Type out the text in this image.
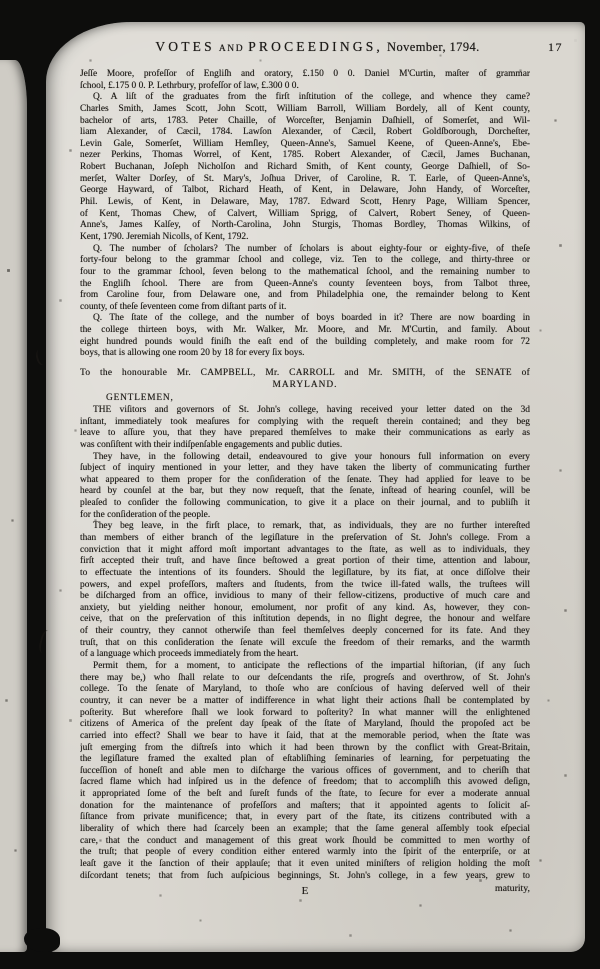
VOTES AND PROCEEDINGS, November, 1794.	17
Jeſſe Moore, profeſſor of Engliſh and oratory, £.150 0 0. Daniel M'Curtin, maſter of grammar
ſchool, £.175 0 0. P. Lethrbury, profeſſor of law, £.300 0 0.
Q. A liſt of the graduates from the firſt inſtitution of the college, and whence they came?
Charles Smith, James Scott, John Scott, William Barroll, William Bordely, all of Kent county,
bachelor of arts, 1783. Peter Chaille, of Worceſter, Benjamin Daſhiell, of Somerſet, and Wil-
liam Alexander, of Cæcil, 1784. Lawſon Alexander, of Cæcil, Robert Goldſborough, Dorcheſter,
Levin Gale, Somerſet, William Hemſley, Queen-Anne's, Samuel Keene, of Queen-Anne's, Ebe-
nezer Perkins, Thomas Worrel, of Kent, 1785. Robert Alexander, of Cæcil, James Buchanan,
Robert Buchanan, Joſeph Nicholſon and Richard Smith, of Kent county, George Daſhiell, of So-
merſet, Walter Dorſey, of St. Mary's, Joſhua Driver, of Caroline, R. T. Earle, of Queen-Anne's,
George Hayward, of Talbot, Richard Heath, of Kent, in Delaware, John Handy, of Worceſter,
Phil. Lewis, of Kent, in Delaware, May, 1787. Edward Scott, Henry Page, William Spencer,
of Kent, Thomas Chew, of Calvert, William Sprigg, of Calvert, Robert Seney, of Queen-
Anne's, James Kalſey, of North-Carolina, John Sturgis, Thomas Bordley, Thomas Wilkins, of
Kent, 1790. Jeremiah Nicolls, of Kent, 1792.
Q. The number of ſcholars? The number of ſcholars is about eighty-four or eighty-five, of theſe
forty-four belong to the grammar ſchool and college, viz. Ten to the college, and thirty-three or
four to the grammar ſchool, ſeven belong to the mathematical ſchool, and the remaining number to
the Engliſh ſchool. There are from Queen-Anne's county ſeventeen boys, from Talbot three,
from Caroline four, from Delaware one, and from Philadelphia one, the remainder belong to Kent
county, of theſe ſeventeen come from diſtant parts of it.
Q. The ſtate of the college, and the number of boys boarded in it? There are now boarding in
the college thirteen boys, with Mr. Walker, Mr. Moore, and Mr. M'Curtin, and family. About
eight hundred pounds would finiſh the eaſt end of the building completely, and make room for 72
boys, that is allowing one room 20 by 18 for every ſix boys.
To the honourable Mr. CAMPBELL, Mr. CARROLL and Mr. SMITH, of the SENATE of
MARYLAND.
GENTLEMEN,
THE viſitors and governors of St. John's college, having received your letter dated on the 3d
inſtant, immediately took meaſures for complying with the requeſt therein contained; and they beg
leave to aſſure you, that they have prepared themſelves to make their communications as early as
was conſiſtent with their indiſpenſable engagements and public duties.
They have, in the following detail, endeavoured to give your honours full information on every
ſubject of inquiry mentioned in your letter, and they have taken the liberty of communicating further
what appeared to them proper for the conſideration of the ſenate. They had applied for leave to be
heard by counſel at the bar, but they now requeſt, that the ſenate, inſtead of hearing counſel, will be
pleaſed to conſider the following communication, to give it a place on their journal, and to publiſh it
for the conſideration of the people.
They beg leave, in the firſt place, to remark, that, as individuals, they are no further intereſted
than members of either branch of the legiſlature in the preſervation of St. John's college. From a
conviction that it might afford moſt important advantages to the ſtate, as well as to individuals, they
firſt accepted their truſt, and have ſince beſtowed a great portion of their time, attention and labour,
to effectuate the intentions of its founders. Should the legiſlature, by its fiat, at once diſſolve their
powers, and expel profeſſors, maſters and ſtudents, from the twice ill-fated walls, the truſtees will
be diſcharged from an office, invidious to many of their fellow-citizens, productive of much care and
anxiety, but yielding neither honour, emolument, nor profit of any kind. As, however, they con-
ceive, that on the preſervation of this inſtitution depends, in no ſlight degree, the honour and welfare
of their country, they cannot otherwiſe than feel themſelves deeply concerned for its fate. And they
truſt, that on this conſideration the ſenate will excuſe the freedom of their remarks, and the warmth
of a language which proceeds immediately from the heart.
Permit them, for a moment, to anticipate the reflections of the impartial hiſtorian, (if any ſuch
there may be,) who ſhall relate to our deſcendants the riſe, progreſs and overthrow, of St. John's
college. To the ſenate of Maryland, to thoſe who are conſcious of having deſerved well of their
country, it can never be a matter of indifference in what light their actions ſhall be contemplated by
poſterity. But wherefore ſhall we look forward to poſterity? In what manner will the enlightened
citizens of America of the preſent day ſpeak of the ſtate of Maryland, ſhould the propoſed act be
carried into effect? Shall we bear to have it ſaid, that at the memorable period, when the ſtate was
juſt emerging from the diſtreſs into which it had been thrown by the conflict with Great-Britain,
the legiſlature framed the exalted plan of eſtabliſhing ſeminaries of learning, for perpetuating the
ſucceſſion of honeſt and able men to diſcharge the various offices of government, and to cheriſh that
ſacred flame which had inſpired us in the defence of freedom; that to accompliſh this avowed deſign,
it appropriated ſome of the beſt and ſureſt funds of the ſtate, to ſecure for ever a moderate annual
donation for the maintenance of profeſſors and maſters; that it appointed agents to ſolicit aſ-
ſiſtance from private munificence; that, in every part of the ſtate, its citizens contributed with a
liberality of which there had ſcarcely been an example; that the ſame general aſſembly took eſpecial
care, that the conduct and management of this great work ſhould be committed to men worthy of
the truſt; that people of every condition either entered warmly into the ſpirit of the enterpriſe, or at
leaſt gave it the ſanction of their applauſe; that it even united miniſters of religion holding the moſt
diſcordant tenets; that from ſuch auſpicious beginnings, St. John's college, in a few years, grew to
E	maturity,
